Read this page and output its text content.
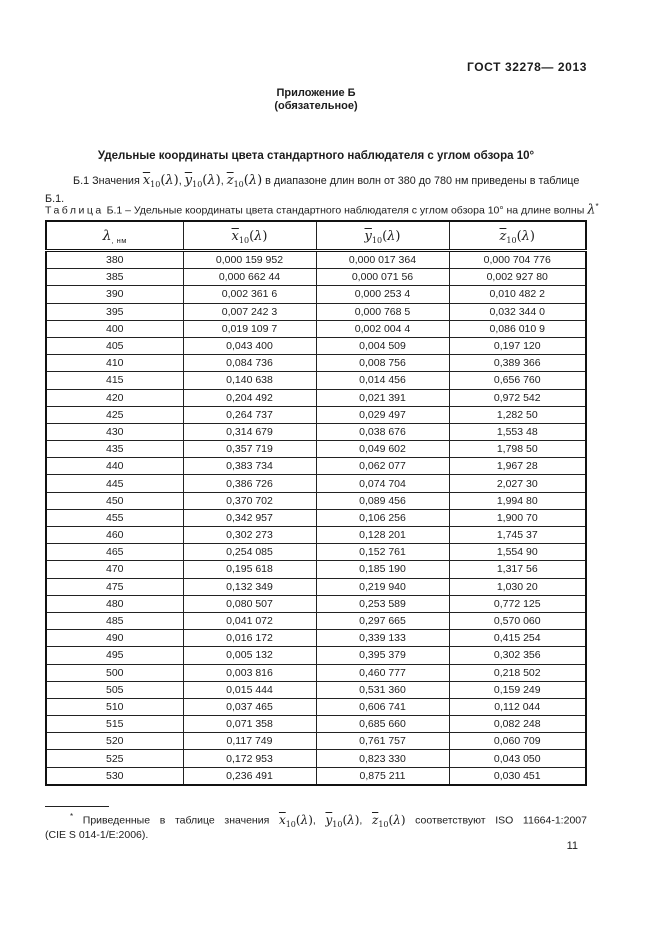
ГОСТ 32278— 2013
Приложение Б
(обязательное)
Удельные координаты цвета стандартного наблюдателя с углом обзора 10°

Б.1 Значения $\overline{x}_{10}(\lambda)$, $\overline{y}_{10}(\lambda)$, $\overline{z}_{10}(\lambda)$ в диапазоне длин волн от 380 до 780 нм приведены в таблице Б.1.

Таблица Б.1 – Удельные координаты цвета стандартного наблюдателя с углом обзора 10° на длине волны λ*

λ, нм	$\overline{x}_{10}(\lambda)$	$\overline{y}_{10}(\lambda)$	$\overline{z}_{10}(\lambda)$
380	0,000 159 952	0,000 017 364	0,000 704 776
385	0,000 662 44	0,000 071 56	0,002 927 80
390	0,002 361 6	0,000 253 4	0,010 482 2
395	0,007 242 3	0,000 768 5	0,032 344 0
400	0,019 109 7	0,002 004 4	0,086 010 9
405	0,043 400	0,004 509	0,197 120
410	0,084 736	0,008 756	0,389 366
415	0,140 638	0,014 456	0,656 760
420	0,204 492	0,021 391	0,972 542
425	0,264 737	0,029 497	1,282 50
430	0,314 679	0,038 676	1,553 48
435	0,357 719	0,049 602	1,798 50
440	0,383 734	0,062 077	1,967 28
445	0,386 726	0,074 704	2,027 30
450	0,370 702	0,089 456	1,994 80
455	0,342 957	0,106 256	1,900 70
460	0,302 273	0,128 201	1,745 37
465	0,254 085	0,152 761	1,554 90
470	0,195 618	0,185 190	1,317 56
475	0,132 349	0,219 940	1,030 20
480	0,080 507	0,253 589	0,772 125
485	0,041 072	0,297 665	0,570 060
490	0,016 172	0,339 133	0,415 254
495	0,005 132	0,395 379	0,302 356
500	0,003 816	0,460 777	0,218 502
505	0,015 444	0,531 360	0,159 249
510	0,037 465	0,606 741	0,112 044
515	0,071 358	0,685 660	0,082 248
520	0,117 749	0,761 757	0,060 709
525	0,172 953	0,823 330	0,043 050
530	0,236 491	0,875 211	0,030 451
* Приведенные в таблице значения $\overline{x}_{10}(\lambda)$, $\overline{y}_{10}(\lambda)$, $\overline{z}_{10}(\lambda)$ соответствуют ISO 11664-1:2007
(CIE S 014-1/E:2006).
11
